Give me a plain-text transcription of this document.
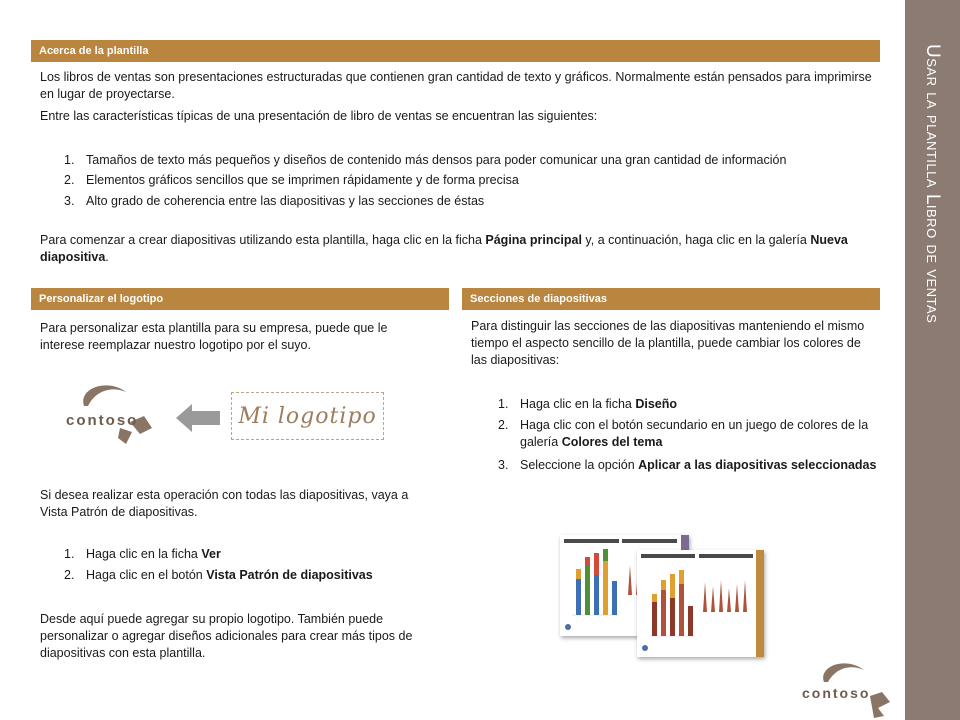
Usar la plantilla Libro de ventas
Acerca de la plantilla

Los libros de ventas son presentaciones estructuradas que contienen gran cantidad de texto y gráficos. Normalmente están pensados para imprimirse en lugar de proyectarse.

Entre las características típicas de una presentación de libro de ventas se encuentran las siguientes:

1. Tamaños de texto más pequeños y diseños de contenido más densos para poder comunicar una gran cantidad de información
2. Elementos gráficos sencillos que se imprimen rápidamente y de forma precisa
3. Alto grado de coherencia entre las diapositivas y las secciones de éstas

Para comenzar a crear diapositivas utilizando esta plantilla, haga clic en la ficha Página principal y, a continuación, haga clic en la galería Nueva diapositiva.

Personalizar el logotipo

Para personalizar esta plantilla para su empresa, puede que le interese reemplazar nuestro logotipo por el suyo.

contoso	Mi logotipo

Si desea realizar esta operación con todas las diapositivas, vaya a Vista Patrón de diapositivas.

1. Haga clic en la ficha Ver
2. Haga clic en el botón Vista Patrón de diapositivas

Desde aquí puede agregar su propio logotipo. También puede personalizar o agregar diseños adicionales para crear más tipos de diapositivas con esta plantilla.

Secciones de diapositivas

Para distinguir las secciones de las diapositivas manteniendo el mismo tiempo el aspecto sencillo de la plantilla, puede cambiar los colores de las diapositivas:

1. Haga clic en la ficha Diseño
2. Haga clic con el botón secundario en un juego de colores de la galería Colores del tema
3. Seleccione la opción Aplicar a las diapositivas seleccionadas
contoso
